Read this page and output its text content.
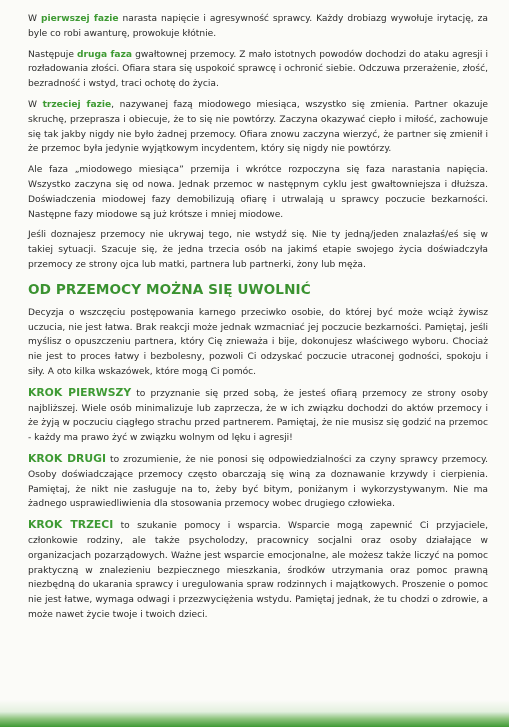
W pierwszej fazie narasta napięcie i agresywność sprawcy. Każdy drobiazg wywołuje irytację, za byle co robi awanturę, prowokuje kłótnie.

Następuje druga faza gwałtownej przemocy. Z mało istotnych powodów dochodzi do ataku agresji i rozładowania złości. Ofiara stara się uspokoić sprawcę i ochronić siebie. Odczuwa przerażenie, złość, bezradność i wstyd, traci ochotę do życia.

W trzeciej fazie, nazywanej fazą miodowego miesiąca, wszystko się zmienia. Partner okazuje skruchę, przeprasza i obiecuje, że to się nie powtórzy. Zaczyna okazywać ciepło i miłość, zachowuje się tak jakby nigdy nie było żadnej przemocy. Ofiara znowu zaczyna wierzyć, że partner się zmienił i że przemoc była jedynie wyjątkowym incydentem, który się nigdy nie powtórzy.

Ale faza „miodowego miesiąca” przemija i wkrótce rozpoczyna się faza narastania napięcia. Wszystko zaczyna się od nowa. Jednak przemoc w następnym cyklu jest gwałtowniejsza i dłuższa. Doświadczenia miodowej fazy demobilizują ofiarę i utrwalają u sprawcy poczucie bezkarności. Następne fazy miodowe są już krótsze i mniej miodowe.

Jeśli doznajesz przemocy nie ukrywaj tego, nie wstydź się. Nie ty jedną/jeden znalazłaś/eś się w takiej sytuacji. Szacuje się, że jedna trzecia osób na jakimś etapie swojego życia doświadczyła przemocy ze strony ojca lub matki, partnera lub partnerki, żony lub męża.

OD PRZEMOCY MOŻNA SIĘ UWOLNIĆ

Decyzja o wszczęciu postępowania karnego przeciwko osobie, do której być może wciąż żywisz uczucia, nie jest łatwa. Brak reakcji może jednak wzmacniać jej poczucie bezkarności. Pamiętaj, jeśli myślisz o opuszczeniu partnera, który Cię znieważa i bije, dokonujesz właściwego wyboru. Chociaż nie jest to proces łatwy i bezbolesny, pozwoli Ci odzyskać poczucie utraconej godności, spokoju i siły. A oto kilka wskazówek, które mogą Ci pomóc.

KROK PIERWSZY to przyznanie się przed sobą, że jesteś ofiarą przemocy ze strony osoby najbliższej. Wiele osób minimalizuje lub zaprzecza, że w ich związku dochodzi do aktów przemocy i że żyją w poczuciu ciągłego strachu przed partnerem. Pamiętaj, że nie musisz się godzić na przemoc - każdy ma prawo żyć w związku wolnym od lęku i agresji!

KROK DRUGI to zrozumienie, że nie ponosi się odpowiedzialności za czyny sprawcy przemocy. Osoby doświadczające przemocy często obarczają się winą za doznawanie krzywdy i cierpienia. Pamiętaj, że nikt nie zasługuje na to, żeby być bitym, poniżanym i wykorzystywanym. Nie ma żadnego usprawiedliwienia dla stosowania przemocy wobec drugiego człowieka.

KROK TRZECI to szukanie pomocy i wsparcia. Wsparcie mogą zapewnić Ci przyjaciele, członkowie rodziny, ale także psycholodzy, pracownicy socjalni oraz osoby działające w organizacjach pozarządowych. Ważne jest wsparcie emocjonalne, ale możesz także liczyć na pomoc praktyczną w znalezieniu bezpiecznego mieszkania, środków utrzymania oraz pomoc prawną niezbędną do ukarania sprawcy i uregulowania spraw rodzinnych i majątkowych. Proszenie o pomoc nie jest łatwe, wymaga odwagi i przezwyciężenia wstydu. Pamiętaj jednak, że tu chodzi o zdrowie, a może nawet życie twoje i twoich dzieci.
